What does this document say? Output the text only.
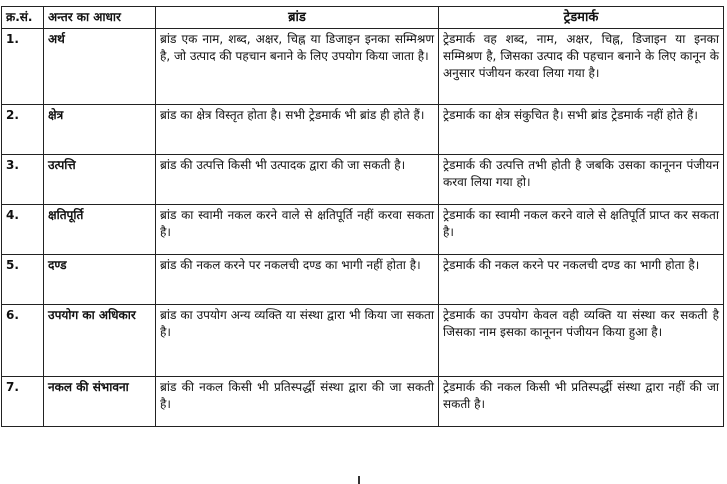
क्र.सं.	अन्तर का आधार	ब्रांड	ट्रेडमार्क
1.	अर्थ	ब्रांड एक नाम, शब्द, अक्षर, चिह्न या डिजाइन इनका सम्मिश्रण है, जो उत्पाद की पहचान बनाने के लिए उपयोग किया जाता है।	ट्रेडमार्क वह शब्द, नाम, अक्षर, चिह्न, डिजाइन या इनका सम्मिश्रण है, जिसका उत्पाद की पहचान बनाने के लिए कानून के अनुसार पंजीयन करवा लिया गया है।
2.	क्षेत्र	ब्रांड का क्षेत्र विस्तृत होता है। सभी ट्रेडमार्क भी ब्रांड ही होते हैं।	ट्रेडमार्क का क्षेत्र संकुचित है। सभी ब्रांड ट्रेडमार्क नहीं होते हैं।
3.	उत्पत्ति	ब्रांड की उत्पत्ति किसी भी उत्पादक द्वारा की जा सकती है।	ट्रेडमार्क की उत्पत्ति तभी होती है जबकि उसका कानूनन पंजीयन करवा लिया गया हो।
4.	क्षतिपूर्ति	ब्रांड का स्वामी नकल करने वाले से क्षतिपूर्ति नहीं करवा सकता है।	ट्रेडमार्क का स्वामी नकल करने वाले से क्षतिपूर्ति प्राप्त कर सकता है।
5.	दण्ड	ब्रांड की नकल करने पर नकलची दण्ड का भागी नहीं होता है।	ट्रेडमार्क की नकल करने पर नकलची दण्ड का भागी होता है।
6.	उपयोग का अधिकार	ब्रांड का उपयोग अन्य व्यक्ति या संस्था द्वारा भी किया जा सकता है।	ट्रेडमार्क का उपयोग केवल वही व्यक्ति या संस्था कर सकती है जिसका नाम इसका कानूनन पंजीयन किया हुआ है।
7.	नकल की संभावना	ब्रांड की नकल किसी भी प्रतिस्पर्द्धी संस्था द्वारा की जा सकती है।	ट्रेडमार्क की नकल किसी भी प्रतिस्पर्द्धी संस्था द्वारा नहीं की जा सकती है।
